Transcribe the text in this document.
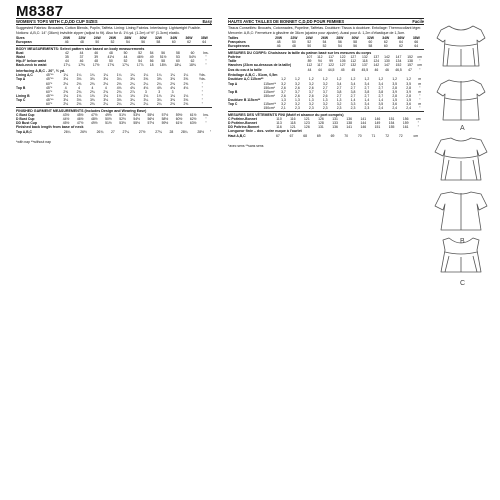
M8387
WOMEN'S TOPS WITH C,D,DD CUP SIZES	Easy
Suggested Fabrics: Brocades, Cotton Blends, Poplin, Taffeta. Lining: Lining Fabrics. Interfacing: Lightweight Fusible.
Notions: A,B,C: 14" (36cm) invisible zipper (adjust to fit). Also for A: 1⅛ yd. (1.2m) of ½" (1.3cm) elastic.
Sizes		20W	22W	24W	26W	28W	30W	32W	34W	36W	38W	
European		46	48	50	52	54	56	58	60	62	64	
BODY MEASUREMENTS: Select pattern size based on body measurements
Bust		42	44	46	48	50	52	54	56	58	60	Ins.
Waist		35	37	39	41½	44	46½	49	51½	53	54½	"
Hip-9" below waist		44	46	48	50	52	54	56	58	60	62	"
Back-neck to waist		17¼	17⅜	17½	17⅝	17¾	17⅞	18	18⅛	18¼	18⅜	"
Interfacing A,B,C - 20", ½ yd.
Lining A,C	45"**	1¼	1¼	1¼	1¼	1¼	1¼	1¼	1¼	1¼	1¼	Yds.
Top A	45"**	3⅛	3⅛	3⅛	3⅛	3¼	3⅜	3⅜	3⅜	3⅜	3⅝	Yds.
	60"*	2⅛	2⅛	2⅛	2⅛	2⅛	2¼	2¼	2¼	2⅜	2⅝	"
Top B	45"*	4	4	4	4	4⅛	4⅛	4⅛	4⅛	4⅛	4⅛	"
	60"*	2⅝	2¾	2¾	2¾	2¾	2⅞	3	3	3		"
Lining B	45"**	1⅛	1⅛	1⅛	1⅛	1⅛	1⅛	1⅛	1⅛	1⅛	1⅛	"
Top C	45"**	3⅛	3⅛	3⅛	3⅛	3⅛	3¼	3¼	3¼	3⅜	3⅜	"
	60"*	2⅛	2⅛	2⅛	2¼	2¼	2¼	2¼	2¼	2⅜	2⅜	"
FINISHED GARMENT MEASUREMENTS (Includes Design and Wearing Ease)
C Bust Cup		43½	45½	47½	49½	51½	53½	55½	57½	59½	61½	Ins.
D Bust Cup		44½	46½	48½	50½	52½	54½	56½	58½	60½	62½	"
DD Bust Cup		45½	47½	49½	51½	53½	55½	57½	59½	61½	63½	"
Finished back length from base of neck
Top A,B,C		26¼	26½	26¾	27	27¼	27½	27¾	28	28¼	28½	"
*with nap **without nap
HAUTS AVEC TAILLES DE BONNET C,D,DD POUR FEMMES	Facile
Tissus Conseillés: Brocarts, Cotonnades, Popeline, Taffetas. Doublure: Tissus à doublure. Entoilage: Thermocollant léger.
Mercerie: A,B,C: Fermeture à glissière de 36cm (ajustez pour ajuster). Aussi pour A: 1,2m d'élastique de 1,3cm.
Tailles		20W	22W	24W	26W	28W	30W	32W	34W	36W	38W	
Françaises		48	50	52	54	56	58	60	62	64	66	
Européennes		46	48	50	52	54	56	58	60	62	64	
MESURES DU CORPS: Choisissez la taille du patron basé sur les mesures du corps
Poitrine		107	112	117	122	127	132	137	142	147	152	cm
Taille		89	94	99	105	112	118	124	130	134	138	"
Hanches (23cm au-dessous de la taille)		112	117	122	127	132	137	142	147	152	157	cm
Dos du cou à la taille		44	44	44,5	45	45	45,5	46	46	46,5	47	"
Entoilage A,B,C - 51cm, 0,5m
Doublure A,C 115cm**		1,2	1,2	1,2	1,2	1,2	1,2	1,2	1,2	1,2	1,2	m
Top A	115cm**	3,2	3,2	3,2	3,2	3,4	3,4	3,4	3,4	3,5	3,5	m
	150cm*	2,6	2,6	2,6	2,7	2,7	2,7	2,7	2,7	2,8	2,8	"
Top B	115cm*	3,7	3,7	3,7	3,7	3,8	3,8	3,8	3,8	3,9	3,9	m
	150cm*	2,6	2,6	2,6	2,6	2,7	2,7	2,7	2,7	2,8	2,8	"
Doublure B 115cm**		1,3	1,3	1,3	1,3	1,3	1,4	1,4	1,4	1,5	1,5	"
Top C	115cm**	3,2	3,2	3,2	3,2	3,2	3,3	3,4	3,5	3,6	3,6	m
	150cm*	2,1	2,3	2,3	2,3	2,3	2,3	2,3	2,4	2,4	2,4	"
MESURES DES VÊTEMENTS FINI (Motif et aisance du port compris)
C Poitrine-Bonnet		110	116	121	126	131	136	141	146	151	156	cm
D Poitrine-Bonnet		113	118	123	128	133	138	144	149	154	159	"
DD Poitrine-Bonnet		116	121	126	131	136	141	146	151	155	161	"
Longueur finie – dos. votre nuque à l'ourlet
Haut A,B,C		67	67	68	69	69	70	70	71	72	72	cm
*avec sens **sans sens
A
B
C
